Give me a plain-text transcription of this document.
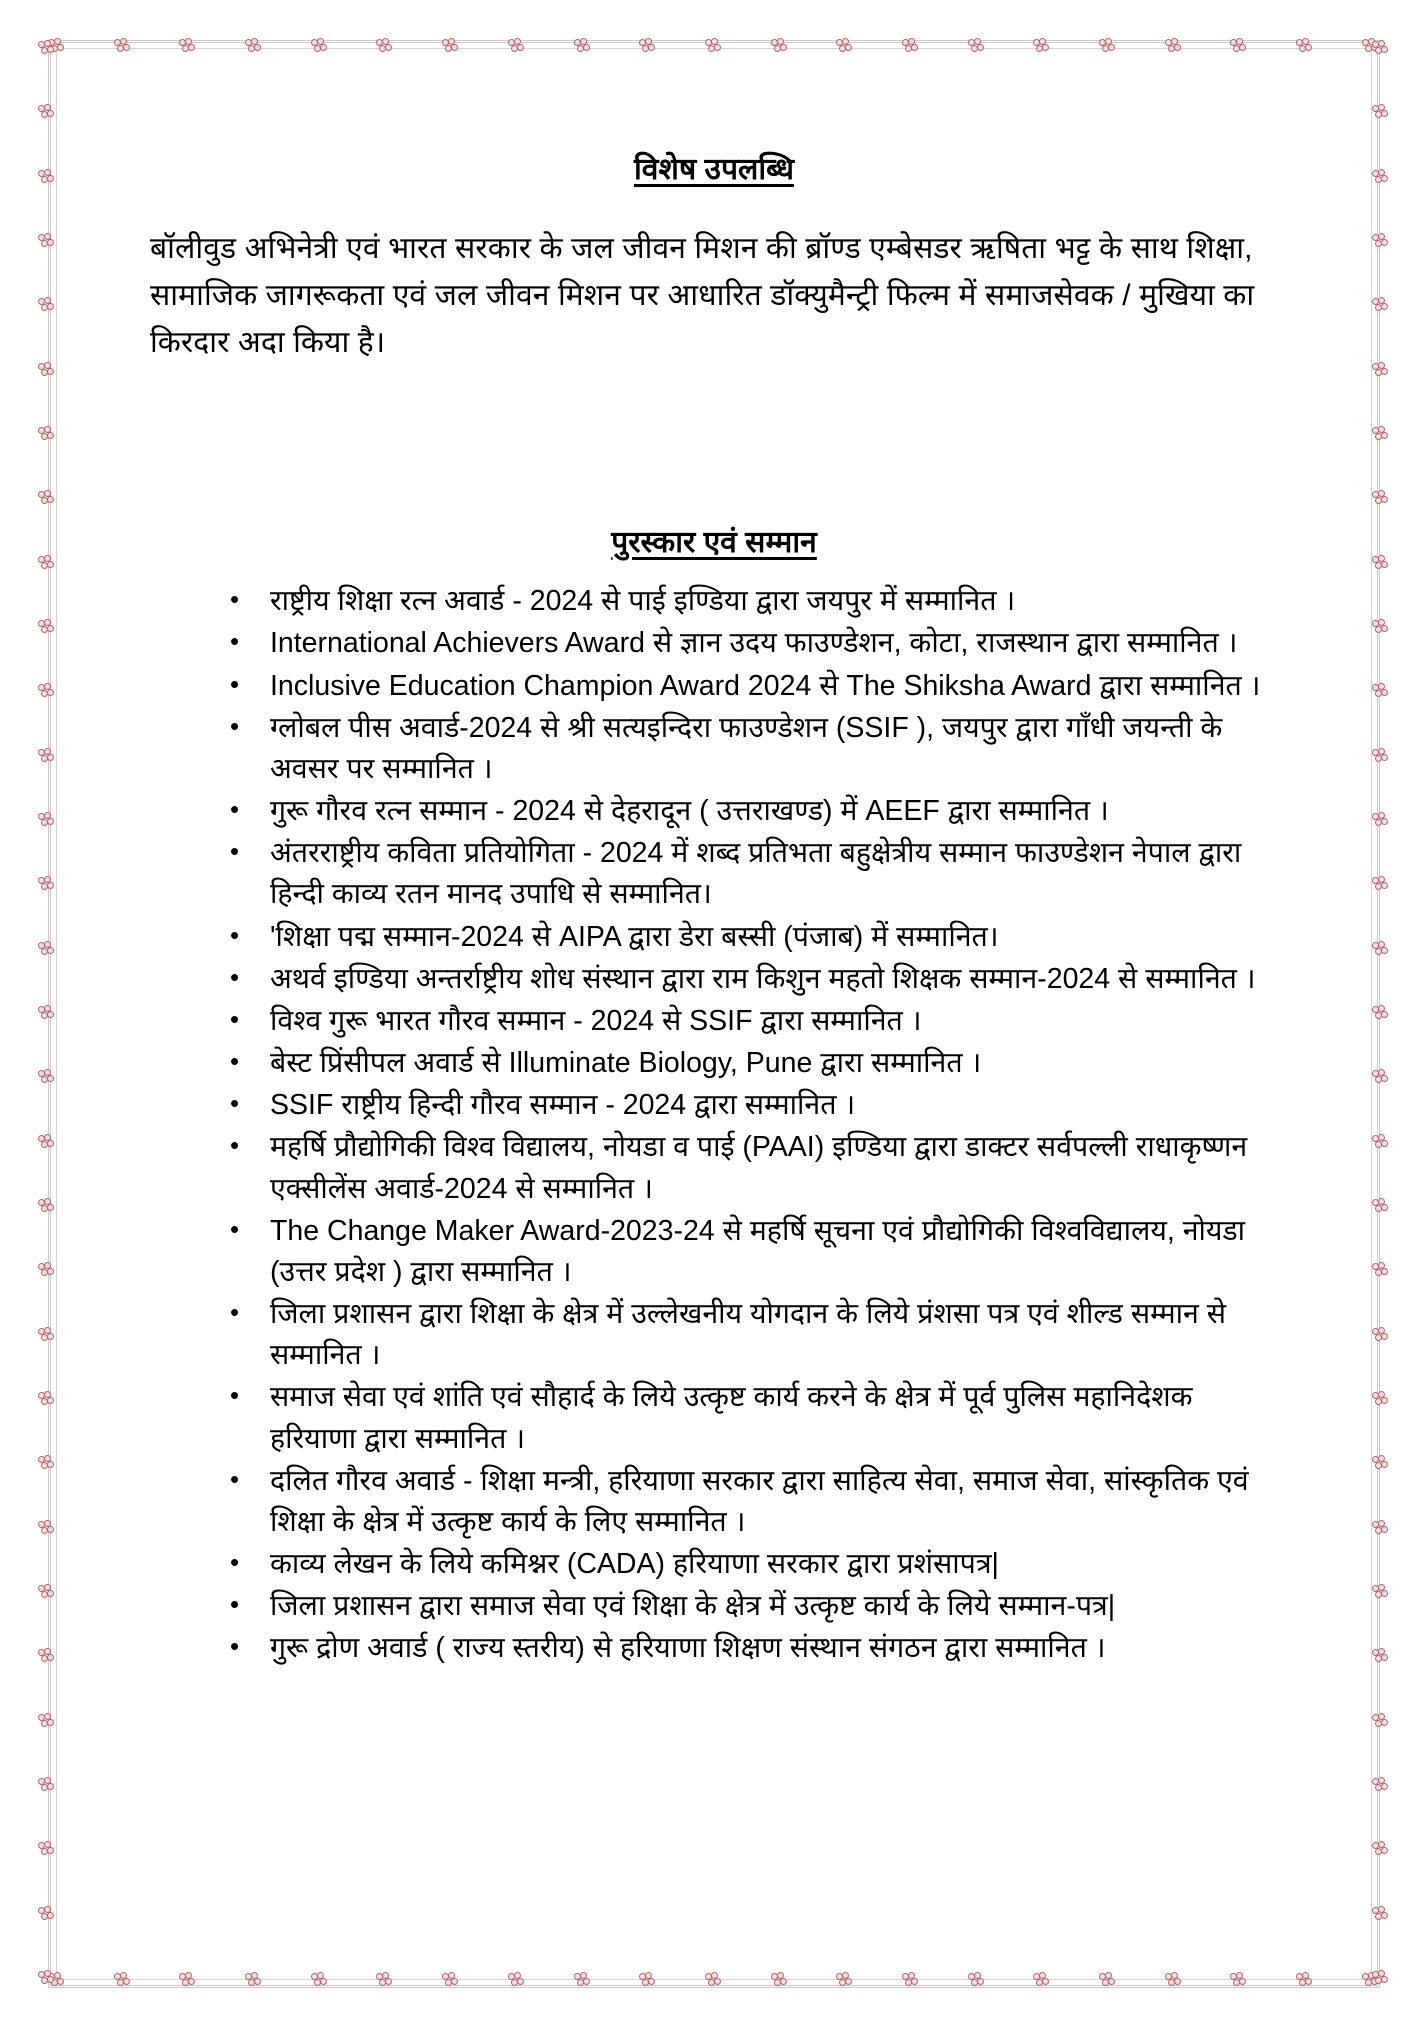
विशेष उपलब्धि

बॉलीवुड अभिनेत्री एवं भारत सरकार के जल जीवन मिशन की ब्रॉण्ड एम्बेसडर ऋषिता भट्ट के साथ शिक्षा, सामाजिक जागरूकता एवं जल जीवन मिशन पर आधारित डॉक्युमैन्ट्री फिल्म में समाजसेवक / मुखिया का किरदार अदा किया है।

पुरस्कार एवं सम्मान
• राष्ट्रीय शिक्षा रत्न अवार्ड - 2024 से पाई इण्डिया द्वारा जयपुर में सम्मानित ।
• International Achievers Award से ज्ञान उदय फाउण्डेशन, कोटा, राजस्थान द्वारा सम्मानित ।
• Inclusive Education Champion Award 2024 से The Shiksha Award द्वारा सम्मानित ।
• ग्लोबल पीस अवार्ड-2024 से श्री सत्यइन्दिरा फाउण्डेशन (SSIF ), जयपुर द्वारा गाँधी जयन्ती के अवसर पर सम्मानित ।
• गुरू गौरव रत्न सम्मान - 2024 से देहरादून ( उत्तराखण्ड) में AEEF द्वारा सम्मानित ।
• अंतरराष्ट्रीय कविता प्रतियोगिता - 2024 में शब्द प्रतिभता बहुक्षेत्रीय सम्मान फाउण्डेशन नेपाल द्वारा हिन्दी काव्य रतन मानद उपाधि से सम्मानित।
• 'शिक्षा पद्म सम्मान-2024 से AIPA द्वारा डेरा बस्सी (पंजाब) में सम्मानित।
• अथर्व इण्डिया अन्तर्राष्ट्रीय शोध संस्थान द्वारा राम किशुन महतो शिक्षक सम्मान-2024 से सम्मानित ।
• विश्व गुरू भारत गौरव सम्मान - 2024 से SSIF द्वारा सम्मानित ।
• बेस्ट प्रिंसीपल अवार्ड से Illuminate Biology, Pune द्वारा सम्मानित ।
• SSIF राष्ट्रीय हिन्दी गौरव सम्मान - 2024 द्वारा सम्मानित ।
• महर्षि प्रौद्योगिकी विश्व विद्यालय, नोयडा व पाई (PAAI) इण्डिया द्वारा डाक्टर सर्वपल्ली राधाकृष्णन एक्सीलेंस अवार्ड-2024 से सम्मानित ।
• The Change Maker Award-2023-24 से महर्षि सूचना एवं प्रौद्योगिकी विश्वविद्यालय, नोयडा (उत्तर प्रदेश ) द्वारा सम्मानित ।
• जिला प्रशासन द्वारा शिक्षा के क्षेत्र में उल्लेखनीय योगदान के लिये प्रंशसा पत्र एवं शील्ड सम्मान से सम्मानित ।
• समाज सेवा एवं शांति एवं सौहार्द के लिये उत्कृष्ट कार्य करने के क्षेत्र में पूर्व पुलिस महानिदेशक हरियाणा द्वारा सम्मानित ।
• दलित गौरव अवार्ड - शिक्षा मन्त्री, हरियाणा सरकार द्वारा साहित्य सेवा, समाज सेवा, सांस्कृतिक एवं शिक्षा के क्षेत्र में उत्कृष्ट कार्य के लिए सम्मानित ।
• काव्य लेखन के लिये कमिश्नर (CADA) हरियाणा सरकार द्वारा प्रशंसापत्र|
• जिला प्रशासन द्वारा समाज सेवा एवं शिक्षा के क्षेत्र में उत्कृष्ट कार्य के लिये सम्मान-पत्र|
• गुरू द्रोण अवार्ड ( राज्य स्तरीय) से हरियाणा शिक्षण संस्थान संगठन द्वारा सम्मानित ।
